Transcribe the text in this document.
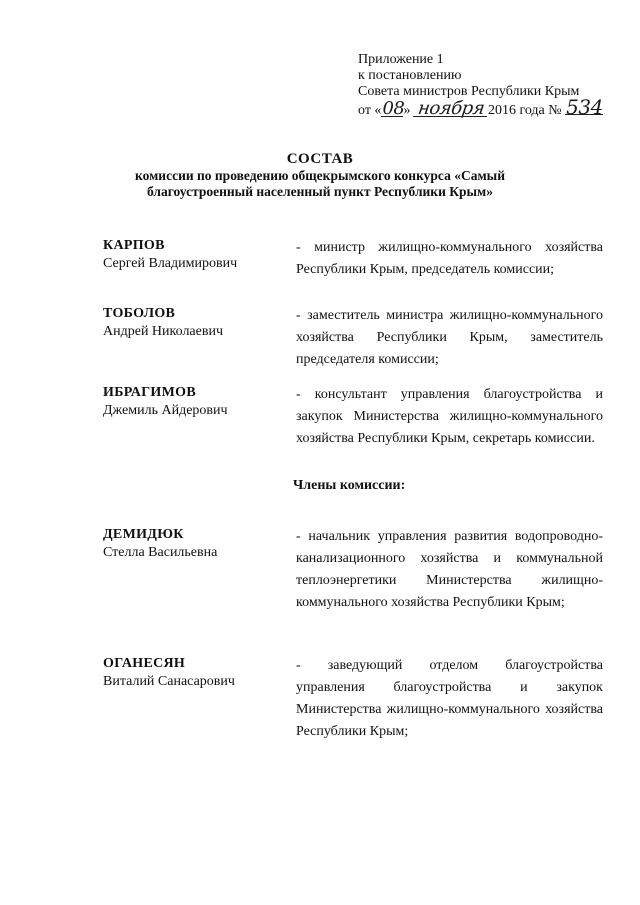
Приложение 1
к постановлению
Совета министров Республики Крым
от «08» ноября 2016 года № 534
СОСТАВ
комиссии по проведению общекрымского конкурса «Самый
благоустроенный населенный пункт Республики Крым»
КАРПОВ
Сергей Владимирович
- министр жилищно-коммунального хозяйства Республики Крым, председатель комиссии;
ТОБОЛОВ
Андрей Николаевич
- заместитель министра жилищно-коммунального хозяйства Республики Крым, заместитель председателя комиссии;
ИБРАГИМОВ
Джемиль Айдерович
- консультант управления благоустройства и закупок Министерства жилищно-коммунального хозяйства Республики Крым, секретарь комиссии.
Члены комиссии:
ДЕМИДЮК
Стелла Васильевна
- начальник управления развития водопроводно-канализационного хозяйства и коммунальной теплоэнергетики Министерства жилищно-коммунального хозяйства Республики Крым;
ОГАНЕСЯН
Виталий Санасарович
- заведующий отделом благоустройства управления благоустройства и закупок Министерства жилищно-коммунального хозяйства Республики Крым;
